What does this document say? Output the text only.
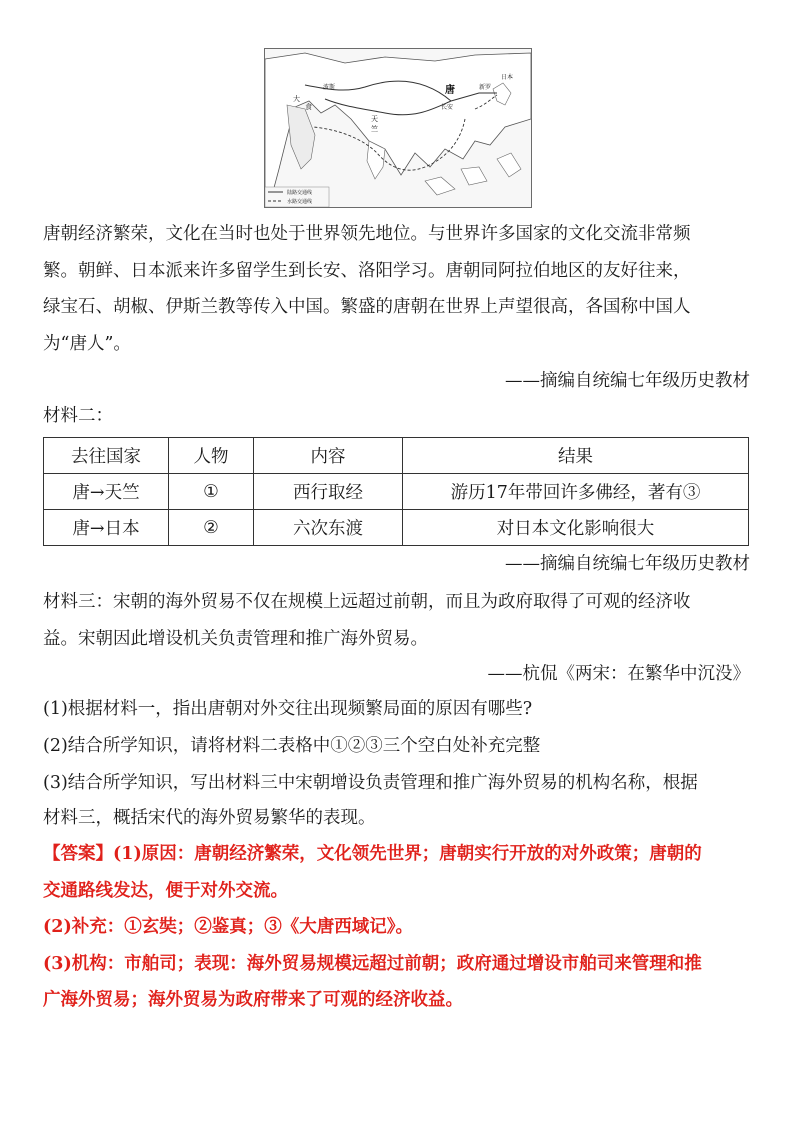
唐
长安
大
食
天
竺
新 罗
日本
波 斯
陆路交通线
水路交通线
唐朝经济繁荣，文化在当时也处于世界领先地位。与世界许多国家的文化交流非常频
繁。朝鲜、日本派来许多留学生到长安、洛阳学习。唐朝同阿拉伯地区的友好往来，
绿宝石、胡椒、伊斯兰教等传入中国。繁盛的唐朝在世界上声望很高，各国称中国人
为“唐人”。
——摘编自统编七年级历史教材
材料二：
去往国家	人物	内容	结果
唐→天竺	①	西行取经	游历17年带回许多佛经，著有③
唐→日本	②	六次东渡	对日本文化影响很大
——摘编自统编七年级历史教材
材料三：宋朝的海外贸易不仅在规模上远超过前朝，而且为政府取得了可观的经济收
益。宋朝因此增设机关负责管理和推广海外贸易。
——杭侃《两宋：在繁华中沉没》
(1)根据材料一，指出唐朝对外交往出现频繁局面的原因有哪些?
(2)结合所学知识，请将材料二表格中①②③三个空白处补充完整
(3)结合所学知识，写出材料三中宋朝增设负责管理和推广海外贸易的机构名称，根据
材料三，概括宋代的海外贸易繁华的表现。
【答案】(1)原因：唐朝经济繁荣，文化领先世界；唐朝实行开放的对外政策；唐朝的
交通路线发达，便于对外交流。
(2)补充：①玄奘；②鉴真；③《大唐西域记》。
(3)机构：市舶司；表现：海外贸易规模远超过前朝；政府通过增设市舶司来管理和推
广海外贸易；海外贸易为政府带来了可观的经济收益。
